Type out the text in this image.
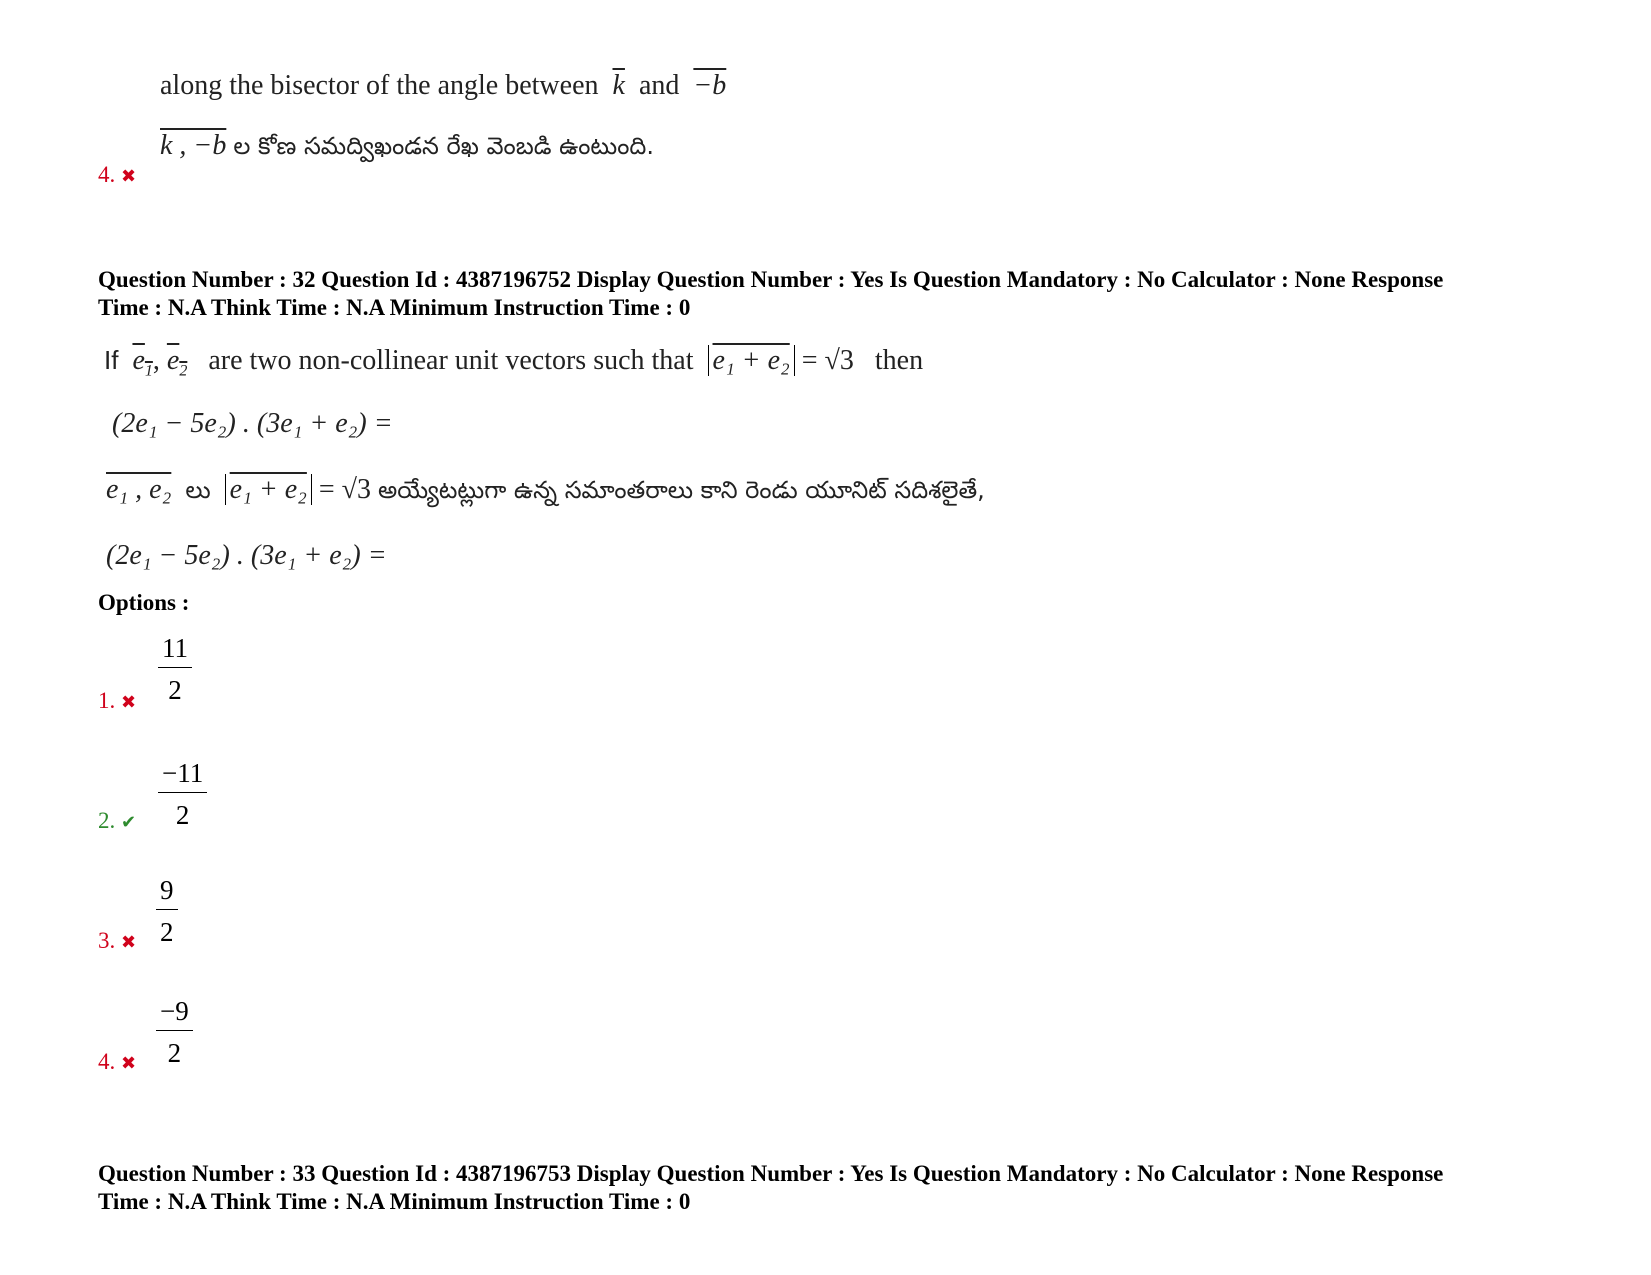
along the bisector of the angle between $\overline{k}$ and −b
k , −b ల కోణ సమద్విఖండన రేఖ వెంబడి ఉంటుంది.
4. ✖
Question Number : 32 Question Id : 4387196752 Display Question Number : Yes Is Question Mandatory : No Calculator : None Response
Time : N.A Think Time : N.A Minimum Instruction Time : 0
If $e_1$, $e_2$ are two non-collinear unit vectors such that e₁ + e₂ = √3 then
(2e₁ − 5e₂) . (3e₁ + e₂) =
e₁ , e₂ లు e₁ + e₂ = √3 అయ్యేటట్లుగా ఉన్న సమాంతరాలు కాని రెండు యూనిట్ సదిశలైతే,
(2e₁ − 5e₂) . (3e₁ + e₂) =
Options :
1. ✖ $\frac{11}{2}$
2. ✔ $\frac{-11}{2}$
3. ✖ $\frac{9}{2}$
4. ✖ $\frac{-9}{2}$
Question Number : 33 Question Id : 4387196753 Display Question Number : Yes Is Question Mandatory : No Calculator : None Response
Time : N.A Think Time : N.A Minimum Instruction Time : 0
